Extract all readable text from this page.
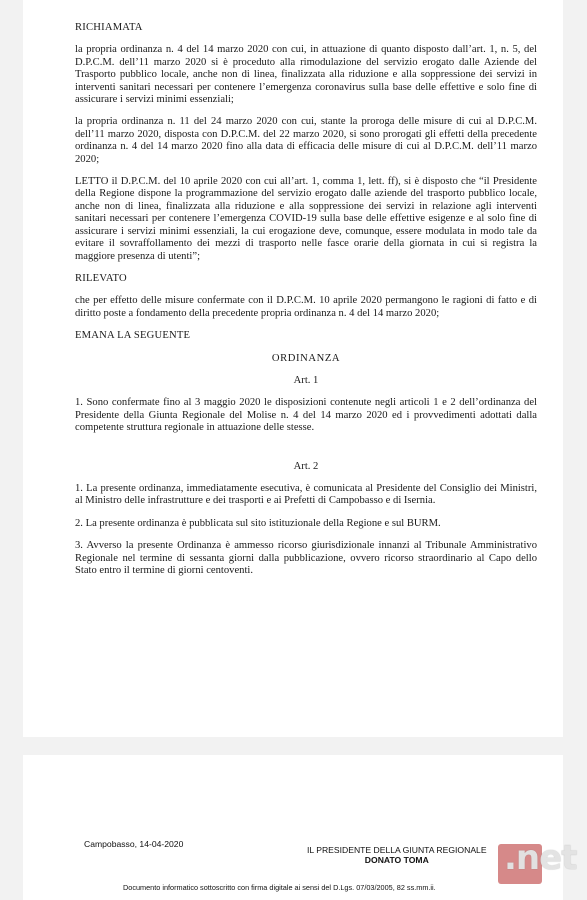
RICHIAMATA

la propria ordinanza n. 4 del 14 marzo 2020 con cui, in attuazione di quanto disposto dall’art. 1, n. 5, del D.P.C.M. dell’11 marzo 2020 si è proceduto alla rimodulazione del servizio erogato dalle Aziende del Trasporto pubblico locale, anche non di linea, finalizzata alla riduzione e alla soppressione dei servizi in interventi sanitari necessari per contenere l’emergenza coronavirus sulla base delle effettive e solo fine di assicurare i servizi minimi essenziali;

la propria ordinanza n. 11 del 24 marzo 2020 con cui, stante la proroga delle misure di cui al D.P.C.M. dell’11 marzo 2020, disposta con D.P.C.M. del 22 marzo 2020, si sono prorogati gli effetti della precedente ordinanza n. 4 del 14 marzo 2020 fino alla data di efficacia delle misure di cui al D.P.C.M. dell’11 marzo 2020;

LETTO il D.P.C.M. del 10 aprile 2020 con cui all’art. 1, comma 1, lett. ff), si è disposto che “il Presidente della Regione dispone la programmazione del servizio erogato dalle aziende del trasporto pubblico locale, anche non di linea, finalizzata alla riduzione e alla soppressione dei servizi in relazione agli interventi sanitari necessari per contenere l’emergenza COVID-19 sulla base delle effettive esigenze e al solo fine di assicurare i servizi minimi essenziali, la cui erogazione deve, comunque, essere modulata in modo tale da evitare il sovraffollamento dei mezzi di trasporto nelle fasce orarie della giornata in cui si registra la maggiore presenza di utenti”;

RILEVATO

che per effetto delle misure confermate con il D.P.C.M. 10 aprile 2020 permangono le ragioni di fatto e di diritto poste a fondamento della precedente propria ordinanza n. 4 del 14 marzo 2020;

EMANA LA SEGUENTE

ORDINANZA

Art. 1

1. Sono confermate fino al 3 maggio 2020 le disposizioni contenute negli articoli 1 e 2 dell’ordinanza del Presidente della Giunta Regionale del Molise n. 4 del 14 marzo 2020 ed i provvedimenti adottati dalla competente struttura regionale in attuazione delle stesse.

Art. 2

1. La presente ordinanza, immediatamente esecutiva, è comunicata al Presidente del Consiglio dei Ministri, al Ministro delle infrastrutture e dei trasporti e ai Prefetti di Campobasso e di Isernia.

2. La presente ordinanza è pubblicata sul sito istituzionale della Regione e sul BURM.

3. Avverso la presente Ordinanza è ammesso ricorso giurisdizionale innanzi al Tribunale Amministrativo Regionale nel termine di sessanta giorni dalla pubblicazione, ovvero ricorso straordinario al Capo dello Stato entro il termine di giorni centoventi.

Campobasso, 14-04-2020
IL PRESIDENTE DELLA GIUNTA REGIONALE
DONATO TOMA
Documento informatico sottoscritto con firma digitale ai sensi del D.Lgs. 07/03/2005, 82 ss.mm.ii.
.net
